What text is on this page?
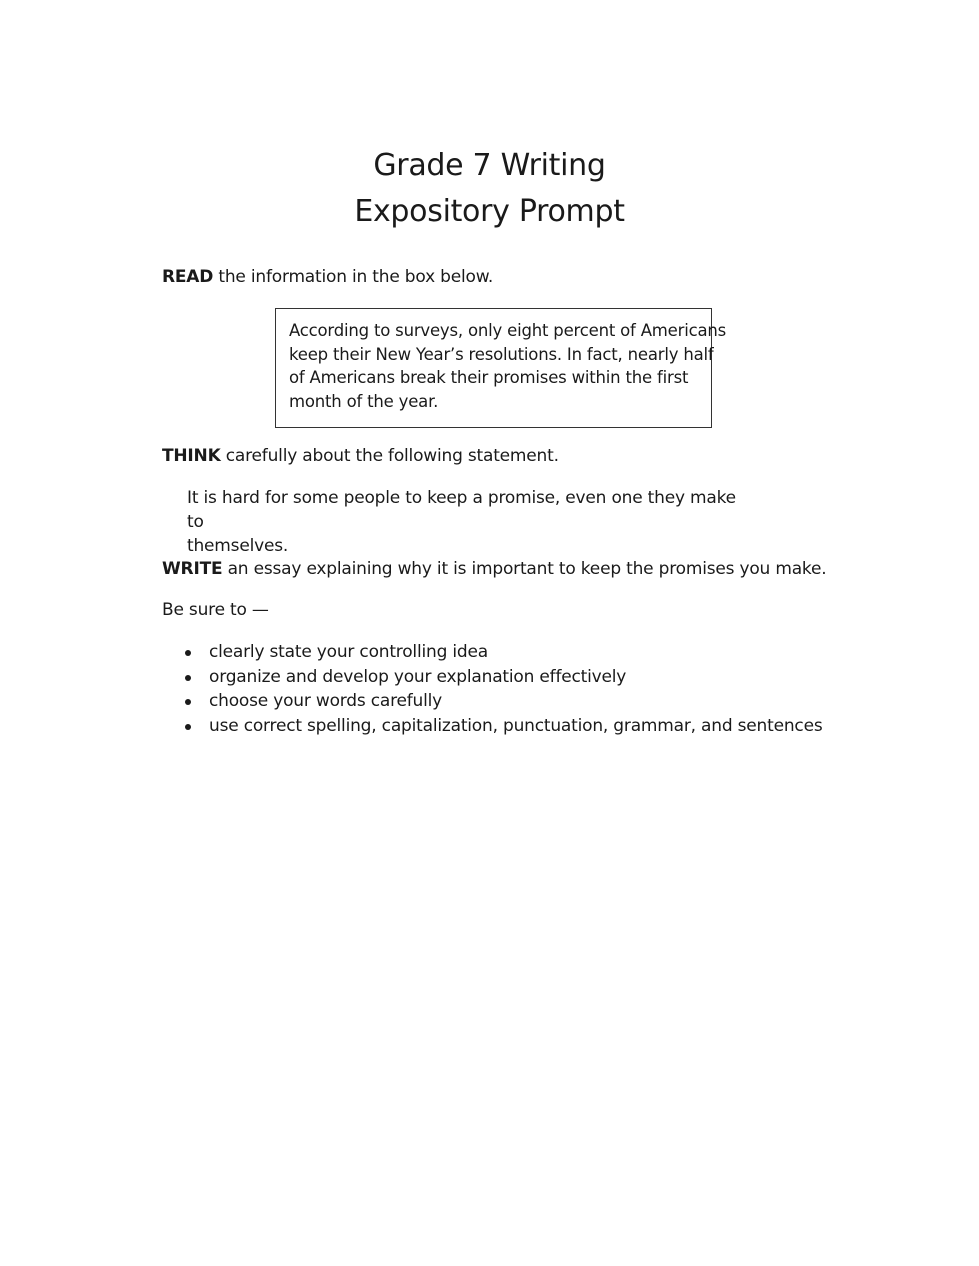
Grade 7 Writing
Expository Prompt

READ the information in the box below.

According to surveys, only eight percent of Americans

keep their New Year’s resolutions. In fact, nearly half

of Americans break their promises within the first

month of the year.

THINK carefully about the following statement.

It is hard for some people to keep a promise, even one they make to
themselves.

WRITE an essay explaining why it is important to keep the promises you make.

Be sure to —

clearly state your controlling idea
organize and develop your explanation effectively
choose your words carefully
use correct spelling, capitalization, punctuation, grammar, and sentences
